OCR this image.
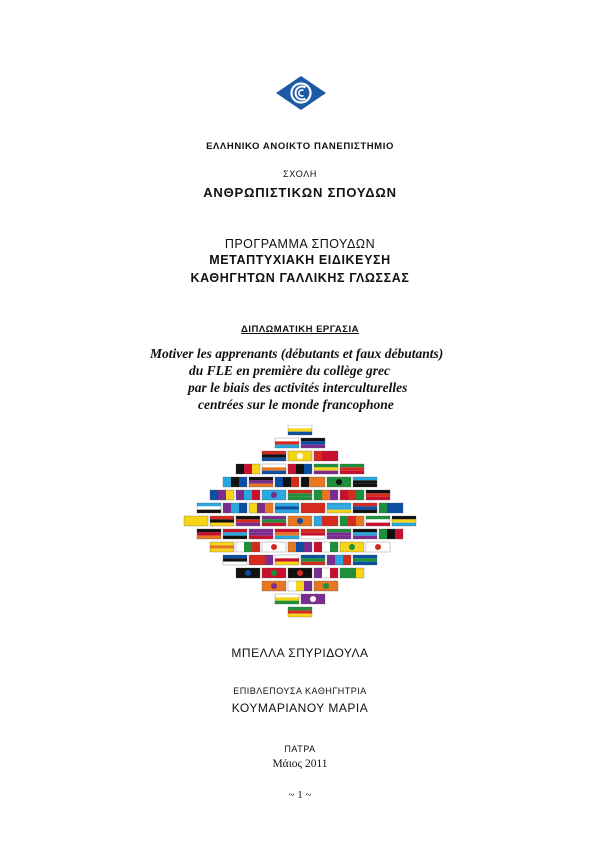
ΕΛΛΗΝΙΚΟ ΑΝΟΙΚΤΟ ΠΑΝΕΠΙΣΤΗΜΙΟ
ΣΧΟΛΗ
ΑΝΘΡΩΠΙΣΤΙΚΩΝ ΣΠΟΥΔΩΝ
ΠΡΟΓΡΑΜΜΑ ΣΠΟΥΔΩΝ
ΜΕΤΑΠΤΥΧΙΑΚΗ ΕΙΔΙΚΕΥΣΗ
ΚΑΘΗΓΗΤΩΝ ΓΑΛΛΙΚΗΣ ΓΛΩΣΣΑΣ
ΔΙΠΛΩΜΑΤΙΚΗ ΕΡΓΑΣΙΑ
Motiver les apprenants (débutants et faux débutants)
du FLE en première du collège grec
par le biais des activités interculturelles
centrées sur le monde francophone
ΜΠΕΛΛΑ ΣΠΥΡΙΔΟΥΛΑ
ΕΠΙΒΛΕΠΟΥΣΑ ΚΑΘΗΓΗΤΡΙΑ
ΚΟΥΜΑΡΙΑΝΟΥ ΜΑΡΙΑ
ΠΑΤΡΑ
Μάιος 2011
~ 1 ~
